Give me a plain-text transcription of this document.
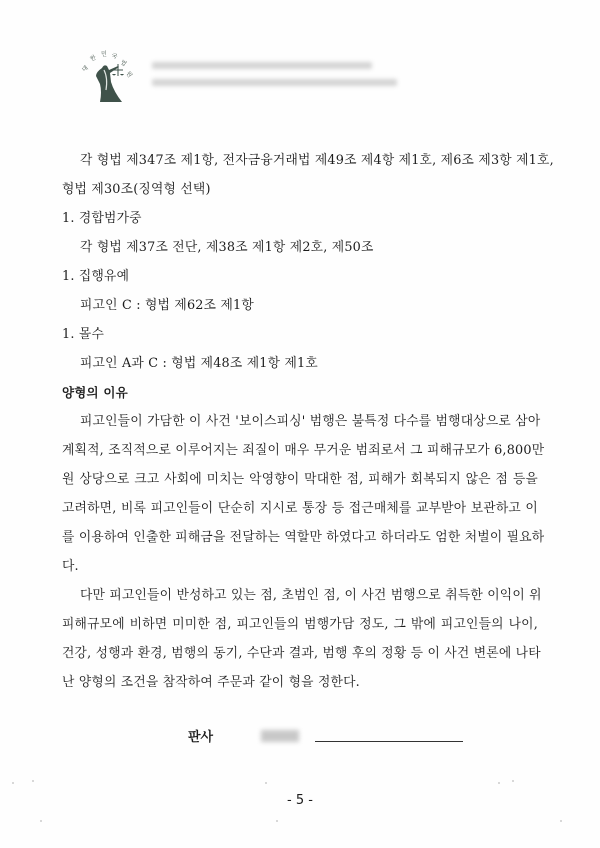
대
한 민 국
법
원
각 형법 제347조 제1항, 전자금융거래법 제49조 제4항 제1호, 제6조 제3항 제1호,
형법 제30조(징역형 선택)
1. 경합범가중
각 형법 제37조 전단, 제38조 제1항 제2호, 제50조
1. 집행유예
피고인 C : 형법 제62조 제1항
1. 몰수
피고인 A과 C : 형법 제48조 제1항 제1호
양형의 이유
피고인들이 가담한 이 사건 '보이스피싱' 범행은 불특정 다수를 범행대상으로 삼아
계획적, 조직적으로 이루어지는 죄질이 매우 무거운 범죄로서 그 피해규모가 6,800만
원 상당으로 크고 사회에 미치는 악영향이 막대한 점, 피해가 회복되지 않은 점 등을
고려하면, 비록 피고인들이 단순히 지시로 통장 등 접근매체를 교부받아 보관하고 이
를 이용하여 인출한 피해금을 전달하는 역할만 하였다고 하더라도 엄한 처벌이 필요하
다.
다만 피고인들이 반성하고 있는 점, 초범인 점, 이 사건 범행으로 취득한 이익이 위
피해규모에 비하면 미미한 점, 피고인들의 범행가담 정도, 그 밖에 피고인들의 나이,
건강, 성행과 환경, 범행의 동기, 수단과 결과, 범행 후의 정황 등 이 사건 변론에 나타
난 양형의 조건을 참작하여 주문과 같이 형을 정한다.
판사
- 5 -
